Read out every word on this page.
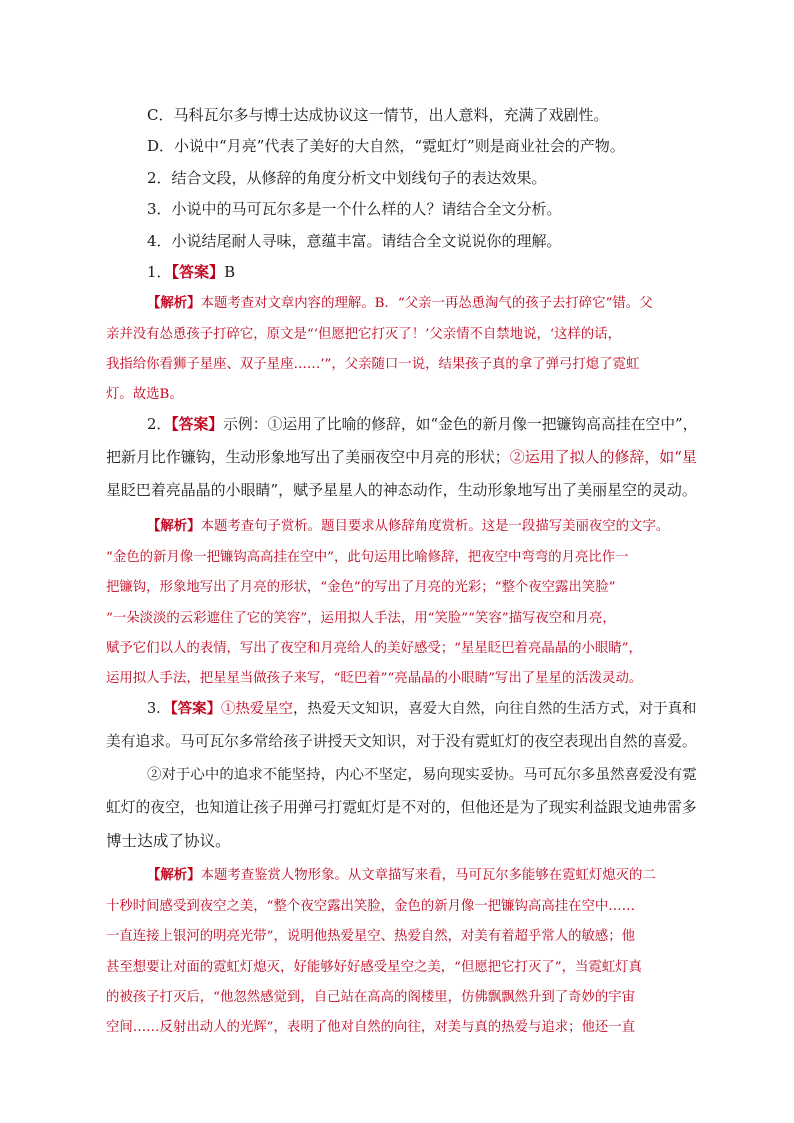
C．马科瓦尔多与博士达成协议这一情节，出人意料，充满了戏剧性。
D．小说中“月亮”代表了美好的大自然，“霓虹灯”则是商业社会的产物。
2．结合文段，从修辞的角度分析文中划线句子的表达效果。
3．小说中的马可瓦尔多是一个什么样的人？请结合全文分析。
4．小说结尾耐人寻味，意蕴丰富。请结合全文说说你的理解。
1．【答案】B
【解析】本题考查对文章内容的理解。B．“父亲一再怂恿淘气的孩子去打碎它”错。父
亲并没有怂恿孩子打碎它，原文是“‘但愿把它打灭了！’父亲情不自禁地说，‘这样的话，
我指给你看狮子星座、双子星座……’”，父亲随口一说，结果孩子真的拿了弹弓打熄了霓虹
灯。故选B。
2．【答案】示例：①运用了比喻的修辞，如“金色的新月像一把镰钩高高挂在空中”，
把新月比作镰钩，生动形象地写出了美丽夜空中月亮的形状；②运用了拟人的修辞，如“星
星眨巴着亮晶晶的小眼睛”，赋予星星人的神态动作，生动形象地写出了美丽星空的灵动。
【解析】本题考查句子赏析。题目要求从修辞角度赏析。这是一段描写美丽夜空的文字。
“金色的新月像一把镰钩高高挂在空中”，此句运用比喻修辞，把夜空中弯弯的月亮比作一
把镰钩，形象地写出了月亮的形状，“金色”的写出了月亮的光彩；“整个夜空露出笑脸”
“一朵淡淡的云彩遮住了它的笑容”，运用拟人手法，用“笑脸”“笑容”描写夜空和月亮，
赋予它们以人的表情，写出了夜空和月亮给人的美好感受；“星星眨巴着亮晶晶的小眼睛”，
运用拟人手法，把星星当做孩子来写，“眨巴着”“亮晶晶的小眼睛”写出了星星的活泼灵动。
3．【答案】①热爱星空，热爱天文知识，喜爱大自然，向往自然的生活方式，对于真和
美有追求。马可瓦尔多常给孩子讲授天文知识，对于没有霓虹灯的夜空表现出自然的喜爱。
②对于心中的追求不能坚持，内心不坚定，易向现实妥协。马可瓦尔多虽然喜爱没有霓
虹灯的夜空，也知道让孩子用弹弓打霓虹灯是不对的，但他还是为了现实利益跟戈迪弗雷多
博士达成了协议。
【解析】本题考查鉴赏人物形象。从文章描写来看，马可瓦尔多能够在霓虹灯熄灭的二
十秒时间感受到夜空之美，“整个夜空露出笑脸，金色的新月像一把镰钩高高挂在空中……
一直连接上银河的明亮光带”，说明他热爱星空、热爱自然，对美有着超乎常人的敏感；他
甚至想要让对面的霓虹灯熄灭，好能够好好感受星空之美，“但愿把它打灭了”，当霓虹灯真
的被孩子打灭后，“他忽然感觉到，自己站在高高的阁楼里，仿佛飘飘然升到了奇妙的宇宙
空间……反射出动人的光辉”，表明了他对自然的向往，对美与真的热爱与追求；他还一直
